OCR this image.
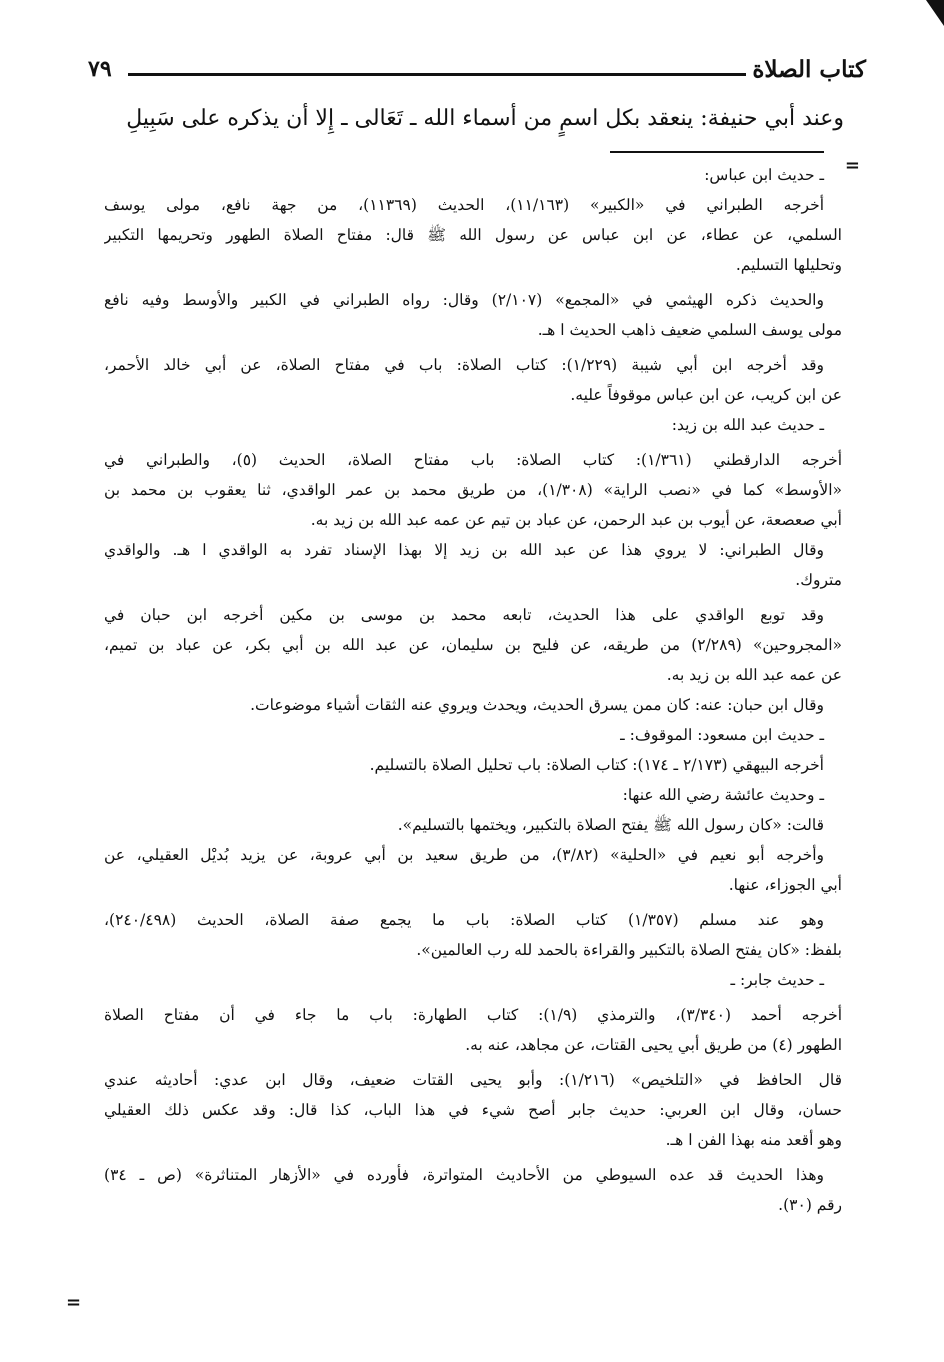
٧٩	كتاب الصلاة
وعند أبي حنيفة: ينعقد بكل اسمٍ من أسماء الله ـ تَعَالى ـ إِلا أن يذكره على سَبِيلِ
=
ـ حديث ابن عباس:
أخرجه الطبراني في «الكبير» (١١/١٦٣)، الحديث (١١٣٦٩)، من جهة نافع، مولى يوسف
السلمي، عن عطاء، عن ابن عباس عن رسول الله ﷺ قال: مفتاح الصلاة الطهور وتحريمها التكبير
وتحليلها التسليم.
والحديث ذكره الهيثمي في «المجمع» (٢/١٠٧) وقال: رواه الطبراني في الكبير والأوسط وفيه نافع
مولى يوسف السلمي ضعيف ذاهب الحديث ا هـ.
وقد أخرجه ابن أبي شيبة (١/٢٢٩): كتاب الصلاة: باب في مفتاح الصلاة، عن أبي خالد الأحمر،
عن ابن كريب، عن ابن عباس موقوفاً عليه.
ـ حديث عبد الله بن زيد:
أخرجه الدارقطني (١/٣٦١): كتاب الصلاة: باب مفتاح الصلاة، الحديث (٥)، والطبراني في
«الأوسط» كما في «نصب الراية» (١/٣٠٨)، من طريق محمد بن عمر الواقدي، ثنا يعقوب بن محمد بن
أبي صعصعة، عن أيوب بن عبد الرحمن، عن عباد بن تيم عن عمه عبد الله بن زيد به.
وقال الطبراني: لا يروي هذا عن عبد الله بن زيد إلا بهذا الإسناد تفرد به الواقدي ا هـ. والواقدي
متروك.
وقد توبع الواقدي على هذا الحديث، تابعه محمد بن موسى بن مكين أخرجه ابن حبان في
«المجروحين» (٢/٢٨٩) من طريقه، عن فليح بن سليمان، عن عبد الله بن أبي بكر، عن عباد بن تميم،
عن عمه عبد الله بن زيد به.
وقال ابن حبان: عنه: كان ممن يسرق الحديث، ويحدث ويروي عنه الثقات أشياء موضوعات.
ـ حديث ابن مسعود: الموقوف: ـ
أخرجه البيهقي (٢/١٧٣ ـ ١٧٤): كتاب الصلاة: باب تحليل الصلاة بالتسليم.
ـ وحديث عائشة رضي الله عنها:
قالت: «كان رسول الله ﷺ يفتح الصلاة بالتكبير، ويختمها بالتسليم».
وأخرجه أبو نعيم في «الحلية» (٣/٨٢)، من طريق سعيد بن أبي عروبة، عن يزيد بُديْل العقيلي، عن
أبي الجوزاء، عنها.
وهو عند مسلم (١/٣٥٧) كتاب الصلاة: باب ما يجمع صفة الصلاة، الحديث (٢٤٠/٤٩٨)،
بلفظ: «كان يفتح الصلاة بالتكبير والقراءة بالحمد لله رب العالمين».
ـ حديث جابر: ـ
أخرجه أحمد (٣/٣٤٠)، والترمذي (١/٩): كتاب الطهارة: باب ما جاء في أن مفتاح الصلاة
الطهور (٤) من طريق أبي يحيى القتات، عن مجاهد، عنه به.
قال الحافظ في «التلخيص» (١/٢١٦): وأبو يحيى القتات ضعيف، وقال ابن عدي: أحاديثه عندي
حسان، وقال ابن العربي: حديث جابر أصح شيء في هذا الباب، كذا قال: وقد عكس ذلك العقيلي
وهو أقعد منه بهذا الفن ا هـ.
وهذا الحديث قد عده السيوطي من الأحاديث المتواترة، فأورده في «الأزهار المتناثرة» (ص ـ ٣٤)
رقم (٣٠).
=
